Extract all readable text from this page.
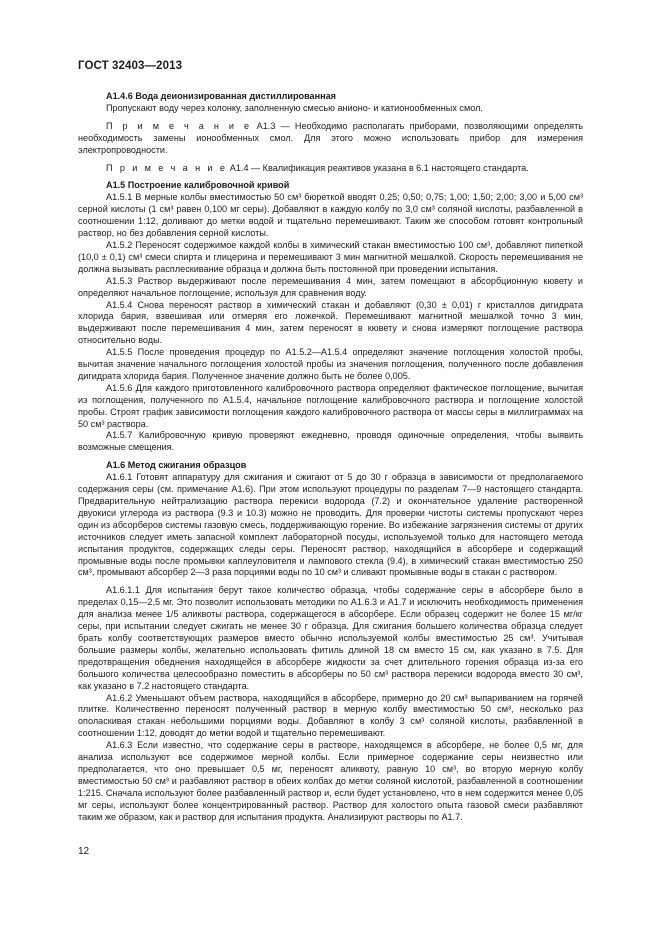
ГОСТ 32403—2013

А1.4.6 Вода деионизированная дистиллированная

Пропускают воду через колонку, заполненную смесью анионо- и катионообменных смол.

П р и м е ч а н и е А1.3 — Необходимо располагать приборами, позволяющими определять необходимость замены ионообменных смол. Для этого можно использовать прибор для измерения электропроводности.

П р и м е ч а н и е А1.4 — Квалификация реактивов указана в 6.1 настоящего стандарта.

А1.5 Построение калибровочной кривой

А1.5.1 В мерные колбы вместимостью 50 см³ бюреткой вводят 0,25; 0,50; 0,75; 1,00; 1,50; 2,00; 3,00 и 5,00 см³ серной кислоты (1 см³ равен 0,100 мг серы). Добавляют в каждую колбу по 3,0 см³ соляной кислоты, разбавленной в соотношении 1:12, доливают до метки водой и тщательно перемешивают. Таким же способом готовят контрольный раствор, но без добавления серной кислоты.

А1.5.2 Переносят содержимое каждой колбы в химический стакан вместимостью 100 см³, добавляют пипеткой (10,0 ± 0,1) см³ смеси спирта и глицерина и перемешивают 3 мин магнитной мешалкой. Скорость перемешивания не должна вызывать расплескивание образца и должна быть постоянной при проведении испытания.

А1.5.3 Раствор выдерживают после перемешивания 4 мин, затем помещают в абсорбционную кювету и определяют начальное поглощение, используя для сравнения воду.

А1.5.4 Снова переносят раствор в химический стакан и добавляют (0,30 ± 0,01) г кристаллов дигидрата хлорида бария, взвешивая или отмеряя его ложечкой. Перемешивают магнитной мешалкой точно 3 мин, выдерживают после перемешивания 4 мин, затем переносят в кювету и снова измеряют поглощение раствора относительно воды.

А1.5.5 После проведения процедур по А1.5.2—А1.5.4 определяют значение поглощения холостой пробы, вычитая значение начального поглощения холостой пробы из значения поглощения, полученного после добавления дигидрата хлорида бария. Полученное значение должно быть не более 0,005.

А1.5.6 Для каждого приготовленного калибровочного раствора определяют фактическое поглощение, вычитая из поглощения, полученного по А1.5.4, начальное поглощение калибровочного раствора и поглощение холостой пробы. Строят график зависимости поглощения каждого калибровочного раствора от массы серы в миллиграммах на 50 см³ раствора.

А1.5.7 Калибровочную кривую проверяют ежедневно, проводя одиночные определения, чтобы выявить возможные смещения.

А1.6 Метод сжигания образцов

А1.6.1 Готовят аппаратуру для сжигания и сжигают от 5 до 30 г образца в зависимости от предполагаемого содержания серы (см. примечание А1.6). При этом используют процедуры по разделам 7—9 настоящего стандарта. Предварительную нейтрализацию раствора перекиси водорода (7.2) и окончательное удаление растворенной двуокиси углерода из раствора (9.3 и 10.3) можно не проводить. Для проверки чистоты системы пропускают через один из абсорберов системы газовую смесь, поддерживающую горение. Во избежание загрязнения системы от других источников следует иметь запасной комплект лабораторной посуды, используемой только для настоящего метода испытания продуктов, содержащих следы серы. Переносят раствор, находящийся в абсорбере и содержащий промывные воды после промывки каплеуловителя и лампового стекла (9.4), в химический стакан вместимостью 250 см³, промывают абсорбер 2—3 раза порциями воды по 10 см³ и сливают промывные воды в стакан с раствором.

А1.6.1.1 Для испытания берут такое количество образца, чтобы содержание серы в абсорбере было в пределах 0,15—2,5 мг. Это позволит использовать методики по А1.6.3 и А1.7 и исключить необходимость применения для анализа менее 1/5 аликвоты раствора, содержащегося в абсорбере. Если образец содержит не более 15 мг/кг серы, при испытании следует сжигать не менее 30 г образца. Для сжигания большего количества образца следует брать колбу соответствующих размеров вместо обычно используемой колбы вместимостью 25 см³. Учитывая большие размеры колбы, желательно использовать фитиль длиной 18 см вместо 15 см, как указано в 7.5. Для предотвращения обеднения находящейся в абсорбере жидкости за счет длительного горения образца из-за его большого количества целесообразно поместить в абсорберы по 50 см³ раствора перекиси водорода вместо 30 см³, как указано в 7.2 настоящего стандарта.

А1.6.2 Уменьшают объем раствора, находящийся в абсорбере, примерно до 20 см³ выпариванием на горячей плитке. Количественно переносят полученный раствор в мерную колбу вместимостью 50 см³, несколько раз ополаскивая стакан небольшими порциями воды. Добавляют в колбу 3 см³ соляной кислоты, разбавленной в соотношении 1:12, доводят до метки водой и тщательно перемешивают.

А1.6.3 Если известно, что содержание серы в растворе, находящемся в абсорбере, не более 0,5 мг, для анализа используют все содержимое мерной колбы. Если примерное содержание серы неизвестно или предполагается, что оно превышает 0,5 мг, переносят аликвоту, равную 10 см³, во вторую мерную колбу вместимостью 50 см³ и разбавляют раствор в обеих колбах до метки соляной кислотой, разбавленной в соотношении 1:215. Сначала используют более разбавленный раствор и, если будет установлено, что в нем содержится менее 0,05 мг серы, используют более концентрированный раствор. Раствор для холостого опыта газовой смеси разбавляют таким же образом, как и раствор для испытания продукта. Анализируют растворы по А1.7.

12
